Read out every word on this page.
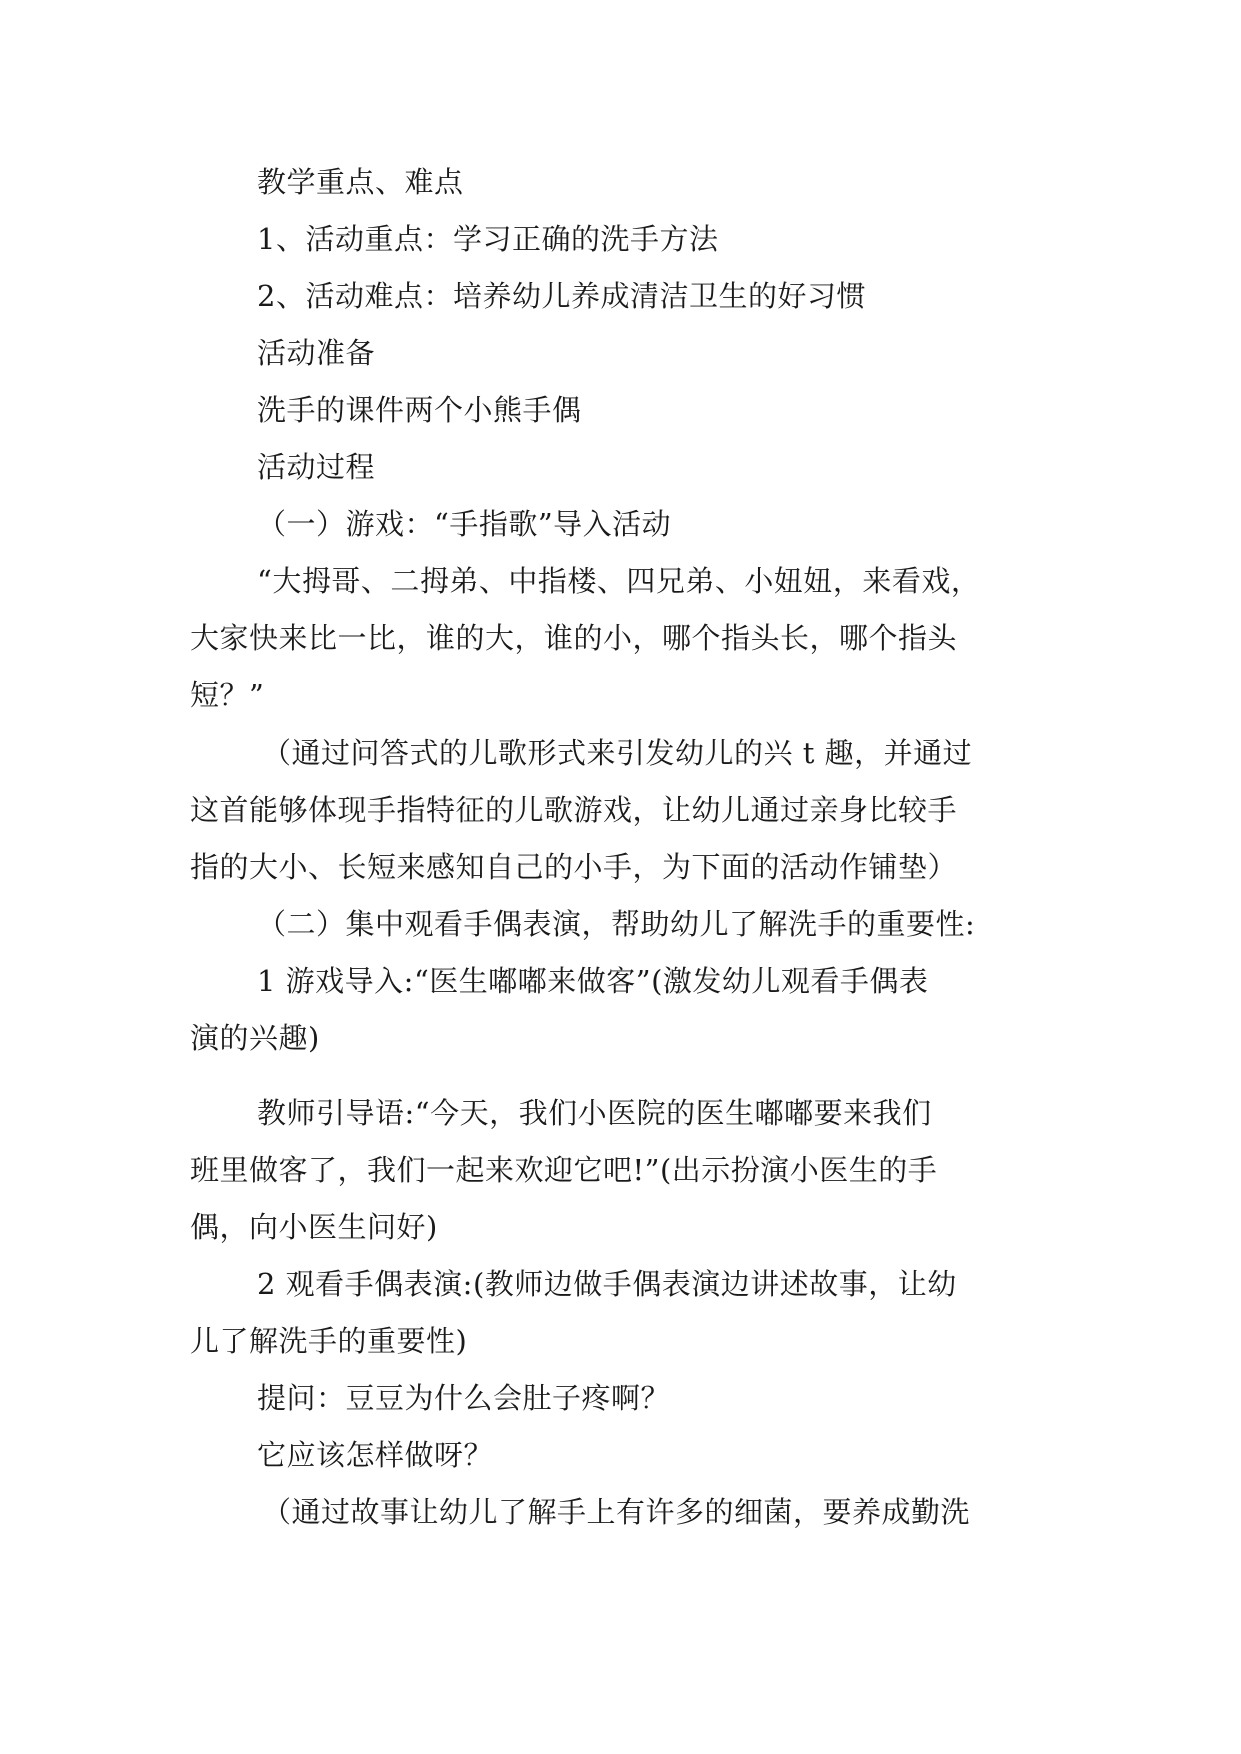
教学重点、难点
1、活动重点：学习正确的洗手方法
2、活动难点：培养幼儿养成清洁卫生的好习惯
活动准备
洗手的课件两个小熊手偶
活动过程
（一）游戏：“手指歌”导入活动
“大拇哥、二拇弟、中指楼、四兄弟、小妞妞，来看戏，
大家快来比一比，谁的大，谁的小，哪个指头长，哪个指头
短？”
（通过问答式的儿歌形式来引发幼儿的兴 t 趣，并通过
这首能够体现手指特征的儿歌游戏，让幼儿通过亲身比较手
指的大小、长短来感知自己的小手，为下面的活动作铺垫）
（二）集中观看手偶表演，帮助幼儿了解洗手的重要性:
1 游戏导入:“医生嘟嘟来做客”(激发幼儿观看手偶表
演的兴趣)
教师引导语:“今天，我们小医院的医生嘟嘟要来我们
班里做客了，我们一起来欢迎它吧!”(出示扮演小医生的手
偶，向小医生问好)
2 观看手偶表演:(教师边做手偶表演边讲述故事，让幼
儿了解洗手的重要性)
提问：豆豆为什么会肚子疼啊？
它应该怎样做呀？
（通过故事让幼儿了解手上有许多的细菌，要养成勤洗
